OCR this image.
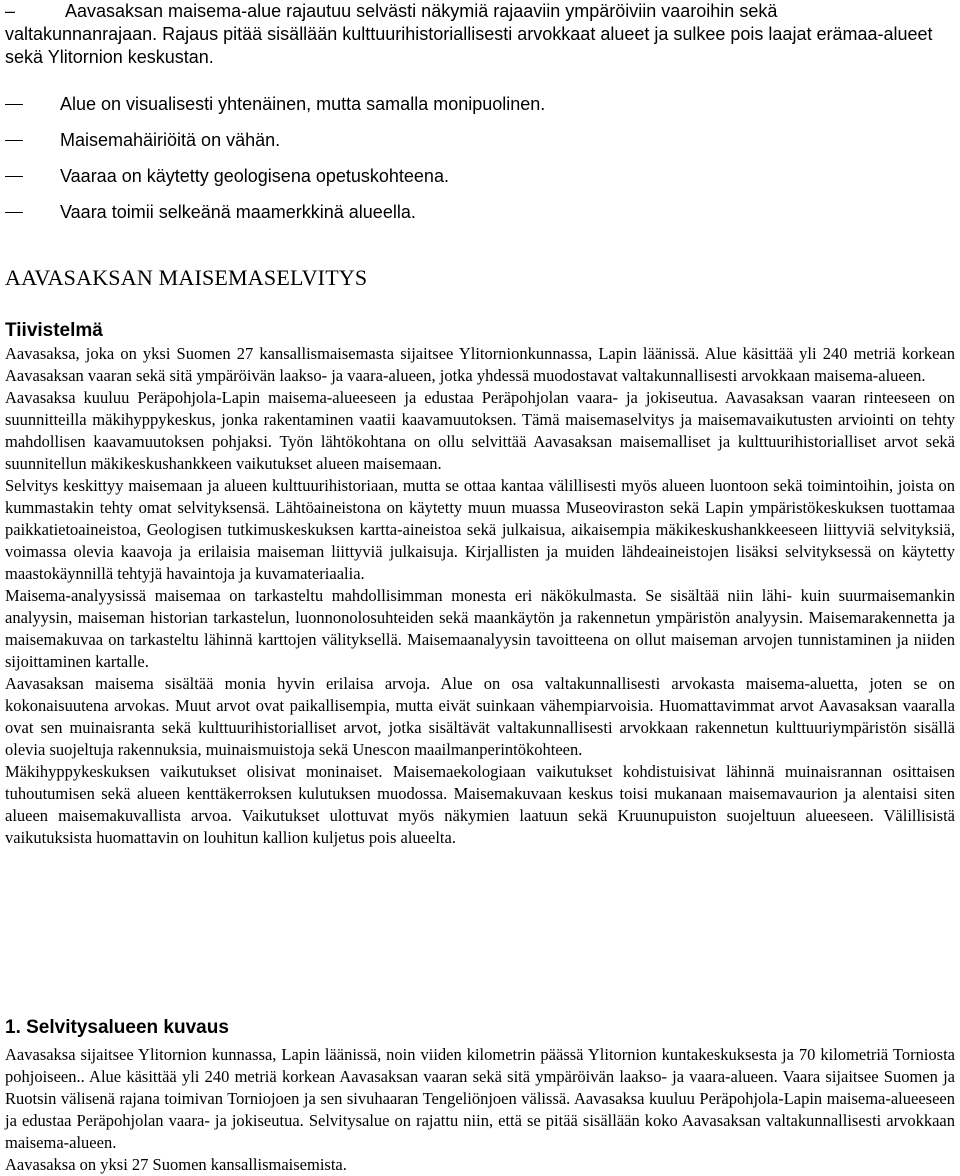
–	Aavasaksan maisema-alue rajautuu selvästi näkymiä rajaaviin ympäröiviin vaaroihin sekä
valtakunnanrajaan. Rajaus pitää sisällään kulttuurihistoriallisesti arvokkaat alueet ja sulkee pois laajat erämaa-alueet sekä Ylitornion keskustan.
Alue on visualisesti yhtenäinen, mutta samalla monipuolinen.
Maisemahäiriöitä on vähän.
Vaaraa on käytetty geologisena opetuskohteena.
Vaara toimii selkeänä maamerkkinä alueella.
AAVASAKSAN MAISEMASELVITYS
Tiivistelmä

Aavasaksa, joka on yksi Suomen 27 kansallismaisemasta sijaitsee Ylitornionkunnassa, Lapin läänissä. Alue käsittää yli 240 metriä korkean Aavasaksan vaaran sekä sitä ympäröivän laakso- ja vaara-alueen, jotka yhdessä muodostavat valtakunnallisesti arvokkaan maisema-alueen.

Aavasaksa kuuluu Peräpohjola-Lapin maisema-alueeseen ja edustaa Peräpohjolan vaara- ja jokiseutua. Aavasaksan vaaran rinteeseen on suunnitteilla mäkihyppykeskus, jonka rakentaminen vaatii kaavamuutoksen. Tämä maisemaselvitys ja maisemavaikutusten arviointi on tehty mahdollisen kaavamuutoksen pohjaksi. Työn lähtökohtana on ollu selvittää Aavasaksan maisemalliset ja kulttuurihistorialliset arvot sekä suunnitellun mäkikeskushankkeen vaikutukset alueen maisemaan.

Selvitys keskittyy maisemaan ja alueen kulttuurihistoriaan, mutta se ottaa kantaa välillisesti myös alueen luontoon sekä toimintoihin, joista on kummastakin tehty omat selvityksensä. Lähtöaineistona on käytetty muun muassa Museoviraston sekä Lapin ympäristökeskuksen tuottamaa paikkatietoaineistoa, Geologisen tutkimuskeskuksen kartta-aineistoa sekä julkaisua, aikaisempia mäkikeskushankkeeseen liittyviä selvityksiä, voimassa olevia kaavoja ja erilaisia maiseman liittyviä julkaisuja. Kirjallisten ja muiden lähdeaineistojen lisäksi selvityksessä on käytetty maastokäynnillä tehtyjä havaintoja ja kuvamateriaalia.

Maisema-analyysissä maisemaa on tarkasteltu mahdollisimman monesta eri näkökulmasta. Se sisältää niin lähi- kuin suurmaisemankin analyysin, maiseman historian tarkastelun, luonnonolosuhteiden sekä maankäytön ja rakennetun ympäristön analyysin. Maisemarakennetta ja maisemakuvaa on tarkasteltu lähinnä karttojen välityksellä. Maisemaanalyysin tavoitteena on ollut maiseman arvojen tunnistaminen ja niiden sijoittaminen kartalle.

Aavasaksan maisema sisältää monia hyvin erilaisa arvoja. Alue on osa valtakunnallisesti arvokasta maisema-aluetta, joten se on kokonaisuutena arvokas. Muut arvot ovat paikallisempia, mutta eivät suinkaan vähempiarvoisia. Huomattavimmat arvot Aavasaksan vaaralla ovat sen muinaisranta sekä kulttuurihistorialliset arvot, jotka sisältävät valtakunnallisesti arvokkaan rakennetun kulttuuriympäristön sisällä olevia suojeltuja rakennuksia, muinaismuistoja sekä Unescon maailmanperintökohteen.

Mäkihyppykeskuksen vaikutukset olisivat moninaiset. Maisemaekologiaan vaikutukset kohdistuisivat lähinnä muinaisrannan osittaisen tuhoutumisen sekä alueen kenttäkerroksen kulutuksen muodossa. Maisemakuvaan keskus toisi mukanaan maisemavaurion ja alentaisi siten alueen maisemakuvallista arvoa. Vaikutukset ulottuvat myös näkymien laatuun sekä Kruunupuiston suojeltuun alueeseen. Välillisistä vaikutuksista huomattavin on louhitun kallion kuljetus pois alueelta.

1. Selvitysalueen kuvaus

Aavasaksa sijaitsee Ylitornion kunnassa, Lapin läänissä, noin viiden kilometrin päässä Ylitornion kuntakeskuksesta ja 70 kilometriä Torniosta pohjoiseen.. Alue käsittää yli 240 metriä korkean Aavasaksan vaaran sekä sitä ympäröivän laakso- ja vaara-alueen. Vaara sijaitsee Suomen ja Ruotsin välisenä rajana toimivan Torniojoen ja sen sivuhaaran Tengeliönjoen välissä. Aavasaksa kuuluu Peräpohjola-Lapin maisema-alueeseen ja edustaa Peräpohjolan vaara- ja jokiseutua. Selvitysalue on rajattu niin, että se pitää sisällään koko Aavasaksan valtakunnallisesti arvokkaan maisema-alueen.

Aavasaksa on yksi 27 Suomen kansallismaisemista.
